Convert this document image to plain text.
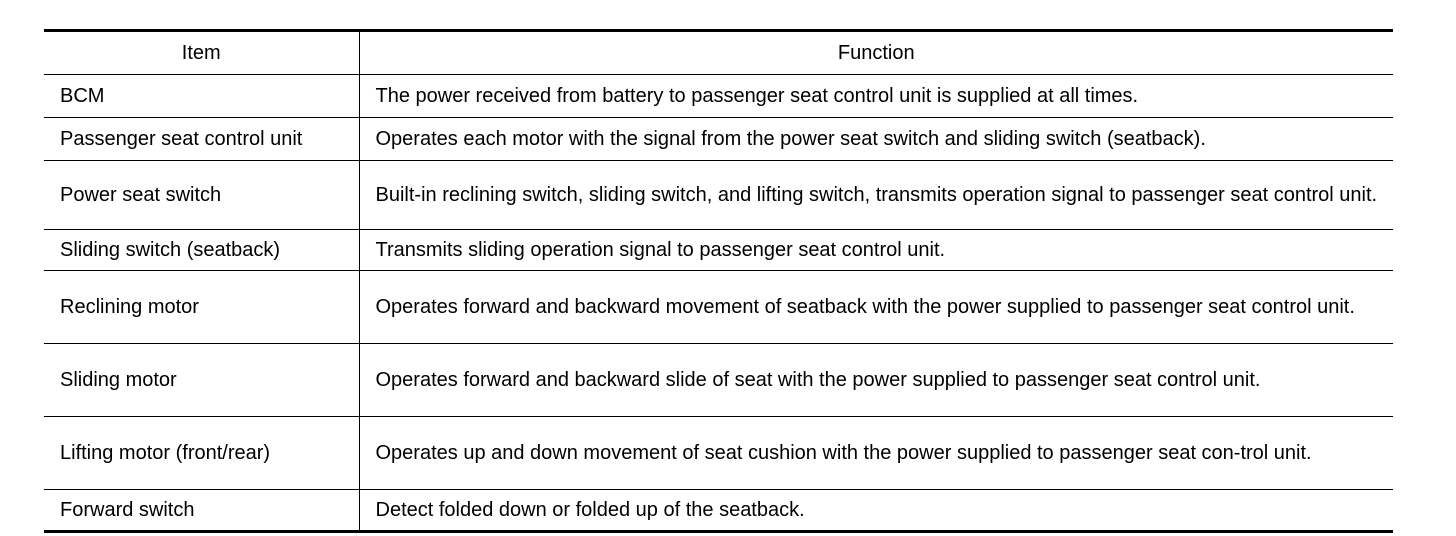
Item	Function
BCM	The power received from battery to passenger seat control unit is supplied at all times.
Passenger seat control unit	Operates each motor with the signal from the power seat switch and sliding switch (seatback).
Power seat switch	Built-in reclining switch, sliding switch, and lifting switch, transmits operation signal to passenger seat control unit.
Sliding switch (seatback)	Transmits sliding operation signal to passenger seat control unit.
Reclining motor	Operates forward and backward movement of seatback with the power supplied to passenger seat control unit.
Sliding motor	Operates forward and backward slide of seat with the power supplied to passenger seat control unit.
Lifting motor (front/rear)	Operates up and down movement of seat cushion with the power supplied to passenger seat con-trol unit.
Forward switch	Detect folded down or folded up of the seatback.
